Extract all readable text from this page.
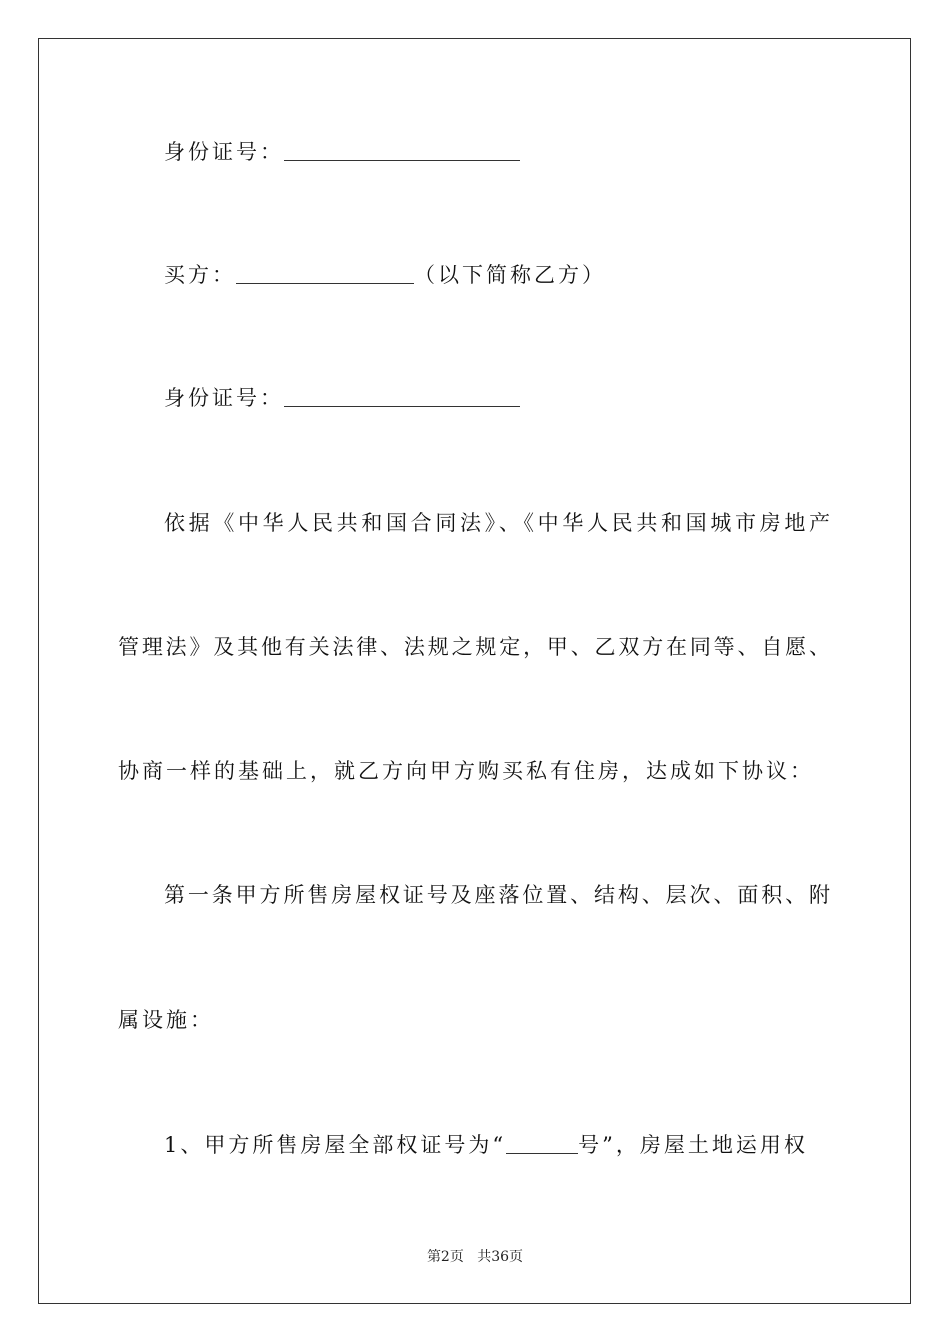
身份证号：
买方：	（以下简称乙方）
身份证号：
依据《中华人民共和国合同法》、《中华人民共和国城市房地产
管理法》及其他有关法律、法规之规定，甲、乙双方在同等、自愿、
协商一样的基础上，就乙方向甲方购买私有住房，达成如下协议：
第一条甲方所售房屋权证号及座落位置、结构、层次、面积、附
属设施：
1、甲方所售房屋全部权证号为“	号”，房屋土地运用权
第2页 共36页
